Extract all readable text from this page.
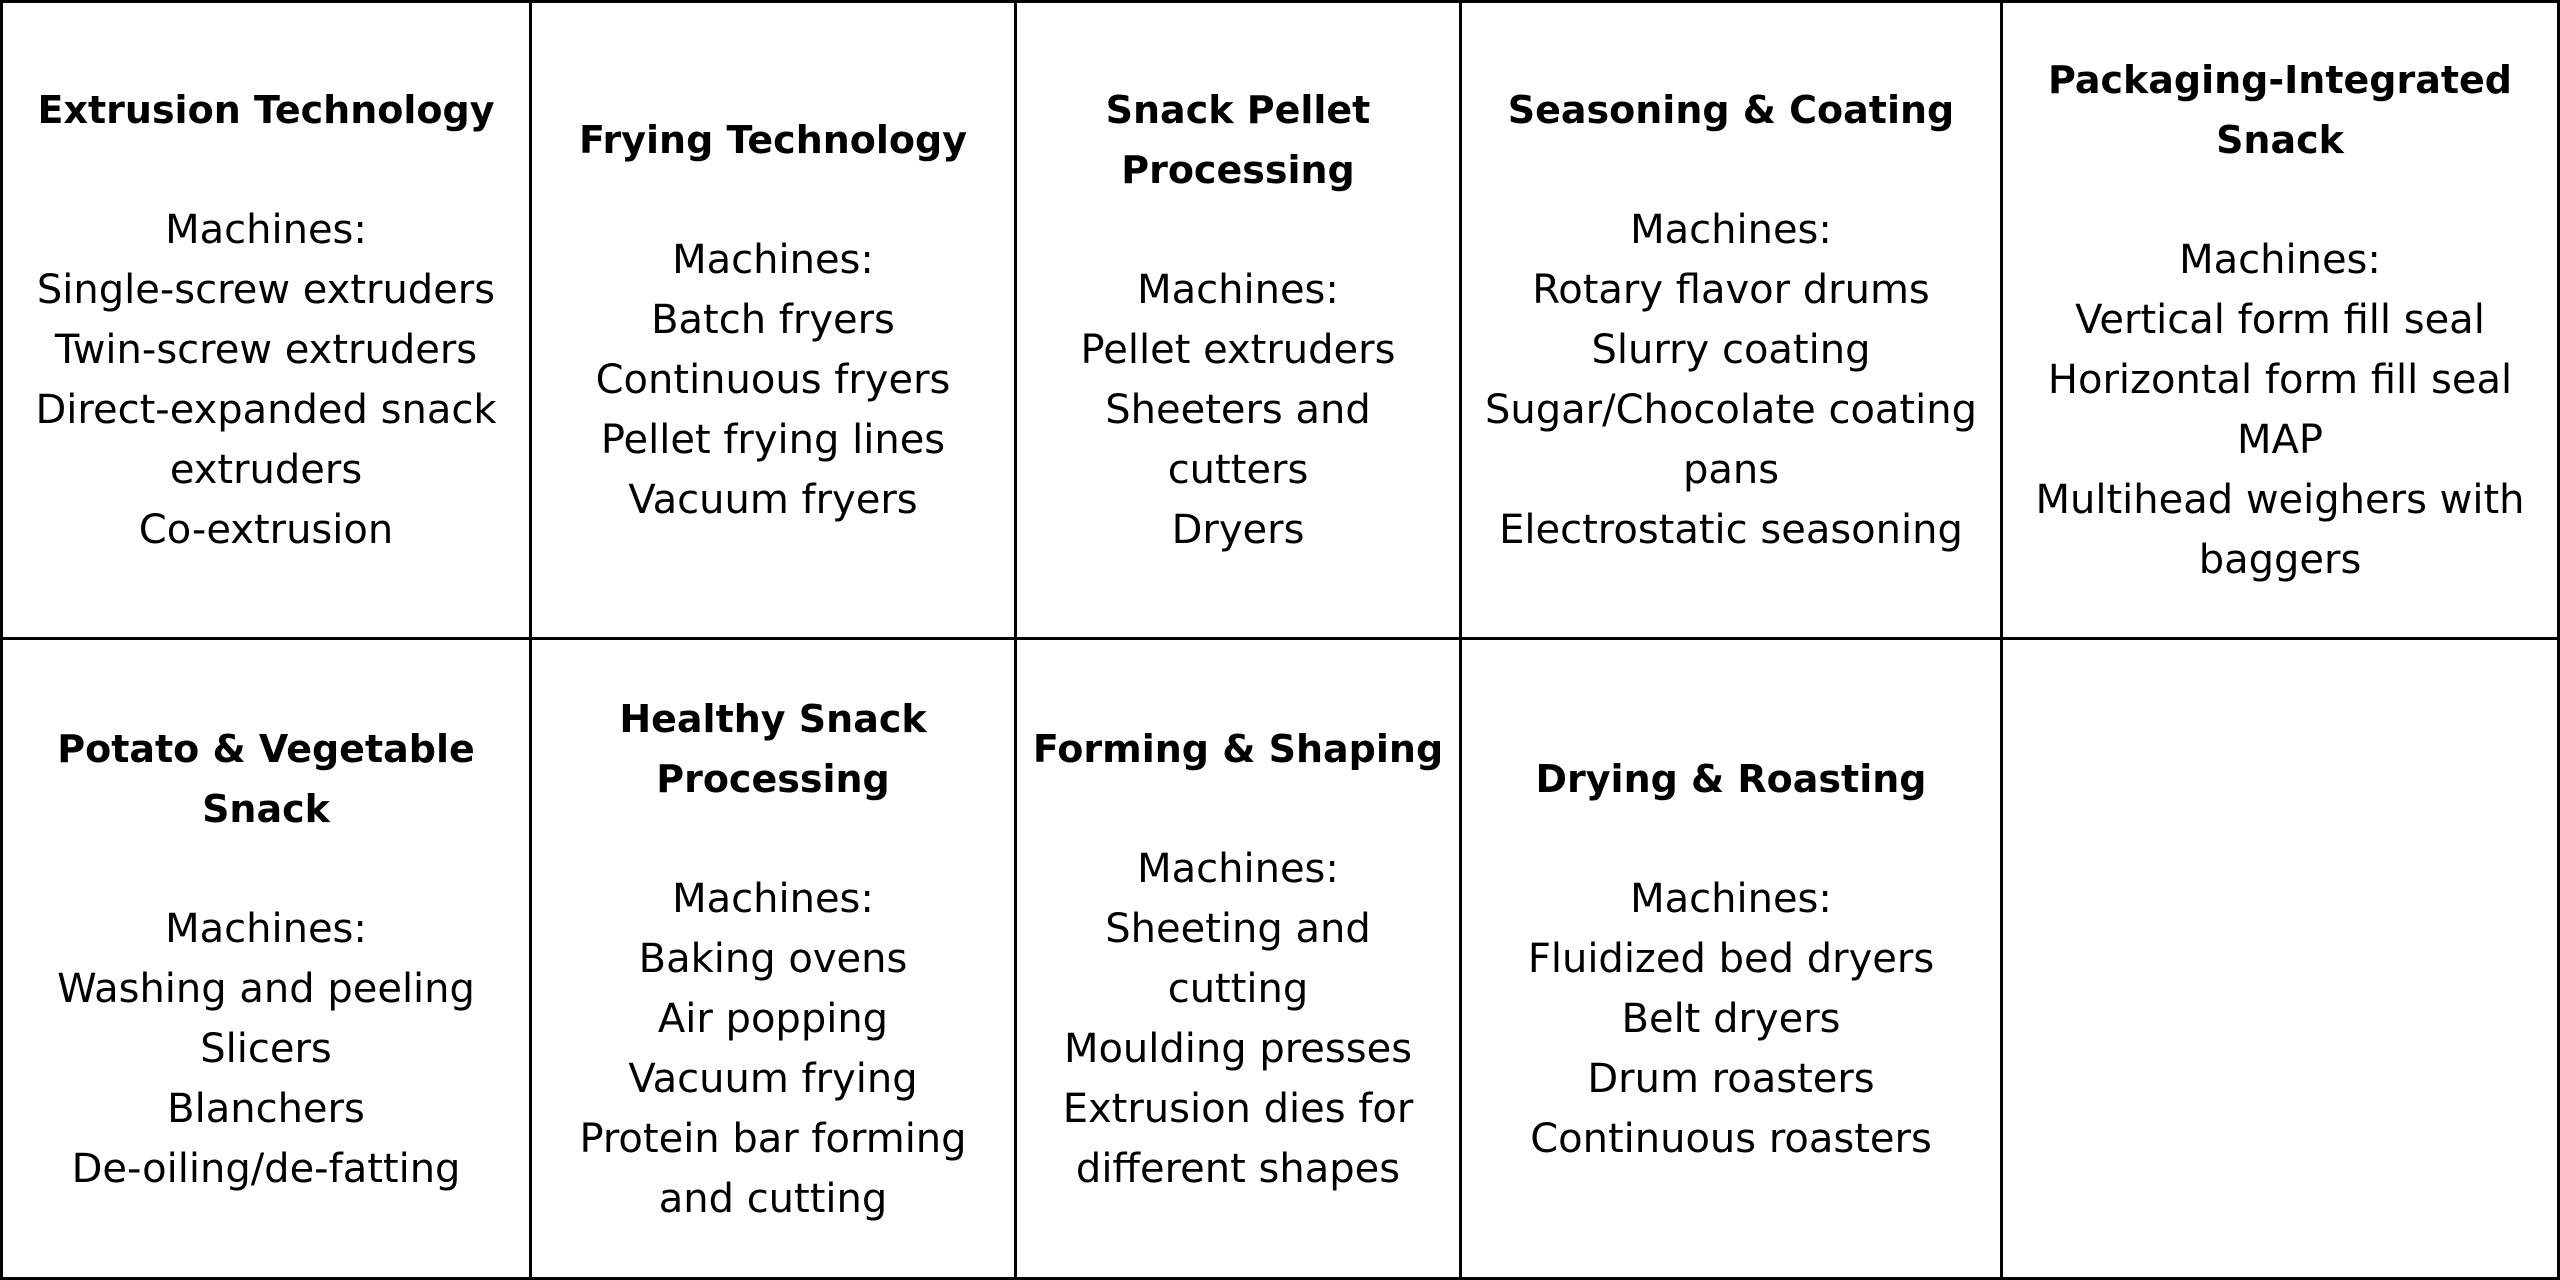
Extrusion Technology
Machines:
Single-screw extruders
Twin-screw extruders
Direct-expanded snack extruders
Co-extrusion
Frying Technology
Machines:
Batch fryers
Continuous fryers
Pellet frying lines
Vacuum fryers
Snack Pellet Processing
Machines:
Pellet extruders
Sheeters and cutters
Dryers
Seasoning & Coating
Machines:
Rotary flavor drums
Slurry coating
Sugar/Chocolate coating pans
Electrostatic seasoning
Packaging-Integrated Snack
Machines:
Vertical form fill seal
Horizontal form fill seal
MAP
Multihead weighers with baggers
Potato & Vegetable Snack
Machines:
Washing and peeling
Slicers
Blanchers
De-oiling/de-fatting
Healthy Snack Processing
Machines:
Baking ovens
Air popping
Vacuum frying
Protein bar forming and cutting
Forming & Shaping
Machines:
Sheeting and cutting
Moulding presses
Extrusion dies for different shapes
Drying & Roasting
Machines:
Fluidized bed dryers
Belt dryers
Drum roasters
Continuous roasters
